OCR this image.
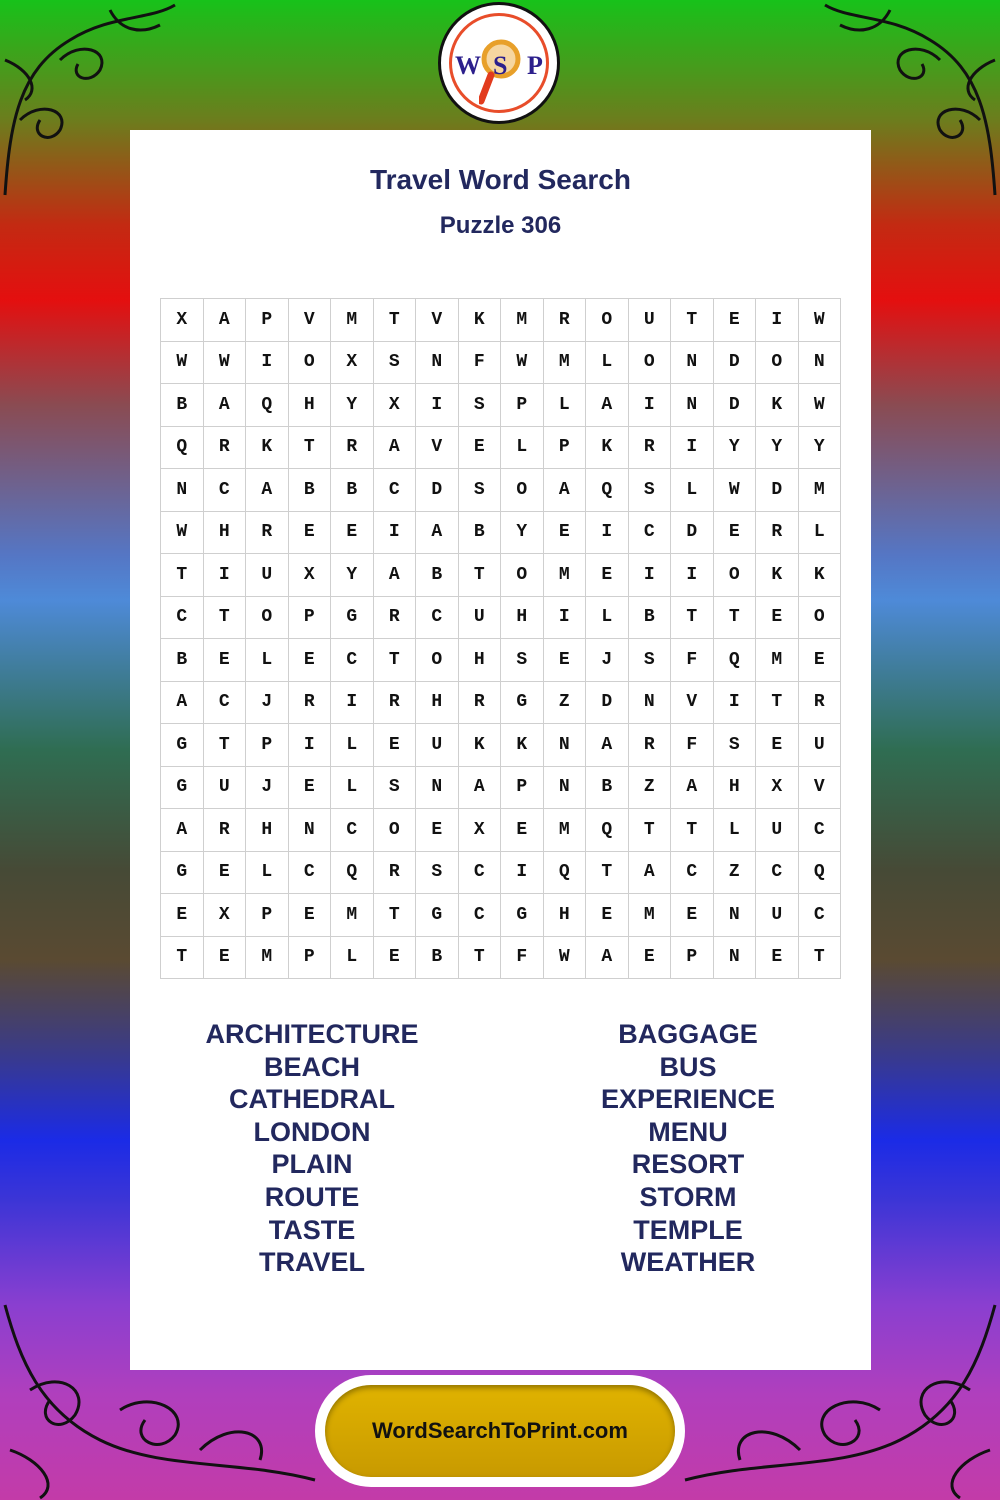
W S P
Travel Word Search
Puzzle 306
X	A	P	V	M	T	V	K	M	R	O	U	T	E	I	W
W	W	I	O	X	S	N	F	W	M	L	O	N	D	O	N
B	A	Q	H	Y	X	I	S	P	L	A	I	N	D	K	W
Q	R	K	T	R	A	V	E	L	P	K	R	I	Y	Y	Y
N	C	A	B	B	C	D	S	O	A	Q	S	L	W	D	M
W	H	R	E	E	I	A	B	Y	E	I	C	D	E	R	L
T	I	U	X	Y	A	B	T	O	M	E	I	I	O	K	K
C	T	O	P	G	R	C	U	H	I	L	B	T	T	E	O
B	E	L	E	C	T	O	H	S	E	J	S	F	Q	M	E
A	C	J	R	I	R	H	R	G	Z	D	N	V	I	T	R
G	T	P	I	L	E	U	K	K	N	A	R	F	S	E	U
G	U	J	E	L	S	N	A	P	N	B	Z	A	H	X	V
A	R	H	N	C	O	E	X	E	M	Q	T	T	L	U	C
G	E	L	C	Q	R	S	C	I	Q	T	A	C	Z	C	Q
E	X	P	E	M	T	G	C	G	H	E	M	E	N	U	C
T	E	M	P	L	E	B	T	F	W	A	E	P	N	E	T
ARCHITECTURE
BEACH
CATHEDRAL
LONDON
PLAIN
ROUTE
TASTE
TRAVEL
BAGGAGE
BUS
EXPERIENCE
MENU
RESORT
STORM
TEMPLE
WEATHER
WordSearchToPrint.com
